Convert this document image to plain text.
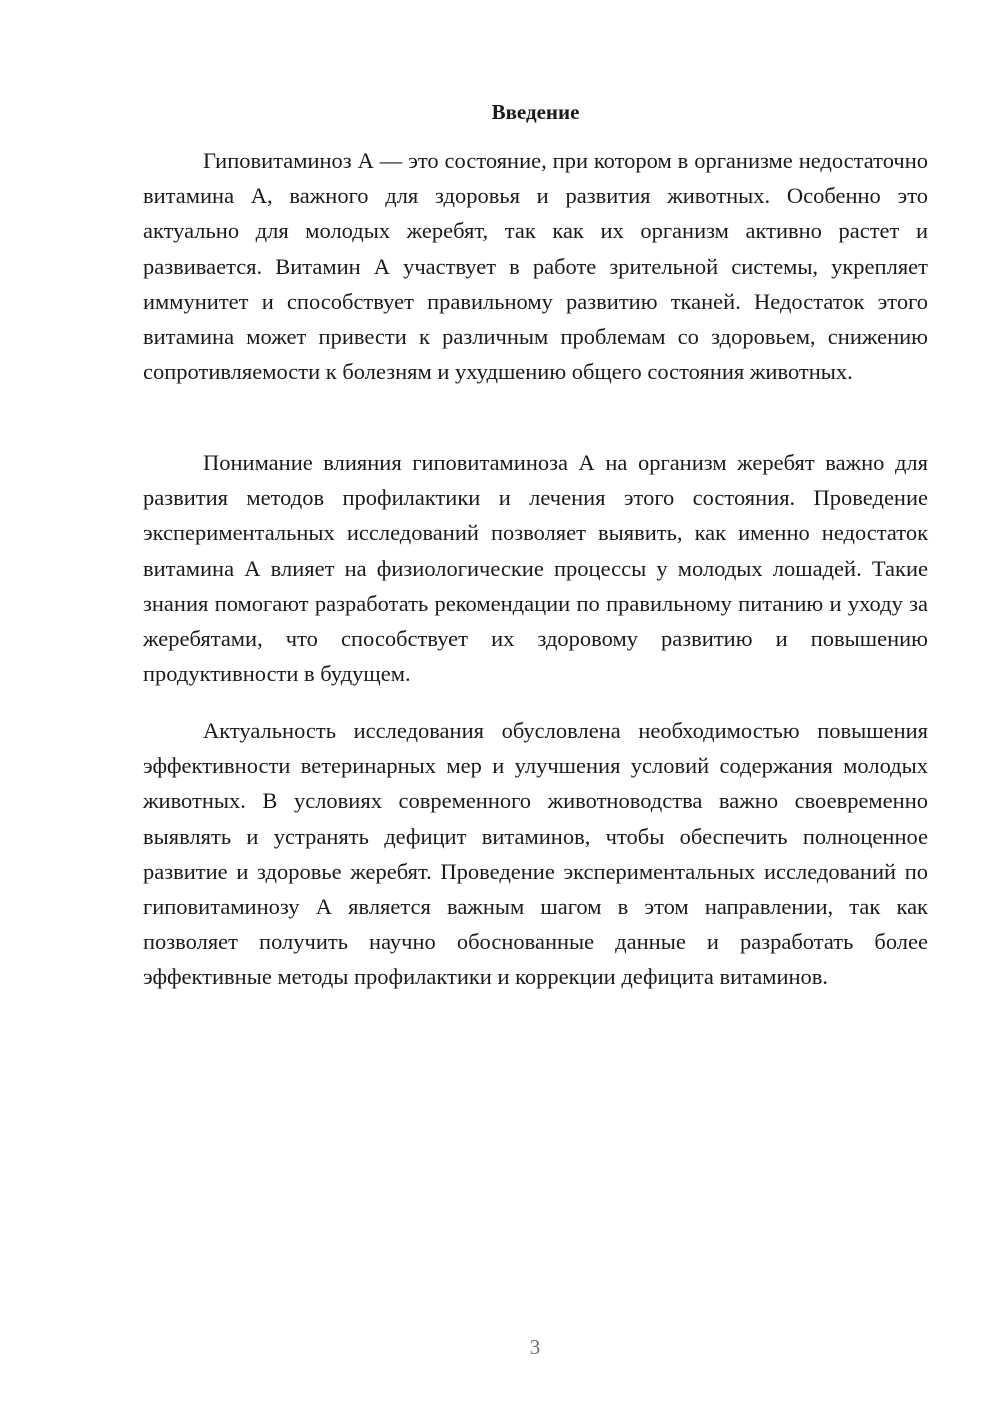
Введение

Гиповитаминоз А — это состояние, при котором в организме недостаточно витамина А, важного для здоровья и развития животных. Особенно это актуально для молодых жеребят, так как их организм активно растет и развивается. Витамин А участвует в работе зрительной системы, укрепляет иммунитет и способствует правильному развитию тканей. Недостаток этого витамина может привести к различным проблемам со здоровьем, снижению сопротивляемости к болезням и ухудшению общего состояния животных.

Понимание влияния гиповитаминоза А на организм жеребят важно для развития методов профилактики и лечения этого состояния. Проведение экспериментальных исследований позволяет выявить, как именно недостаток витамина А влияет на физиологические процессы у молодых лошадей. Такие знания помогают разработать рекомендации по правильному питанию и уходу за жеребятами, что способствует их здоровому развитию и повышению продуктивности в будущем.

Актуальность исследования обусловлена необходимостью повышения эффективности ветеринарных мер и улучшения условий содержания молодых животных. В условиях современного животноводства важно своевременно выявлять и устранять дефицит витаминов, чтобы обеспечить полноценное развитие и здоровье жеребят. Проведение экспериментальных исследований по гиповитаминозу А является важным шагом в этом направлении, так как позволяет получить научно обоснованные данные и разработать более эффективные методы профилактики и коррекции дефицита витаминов.

3
